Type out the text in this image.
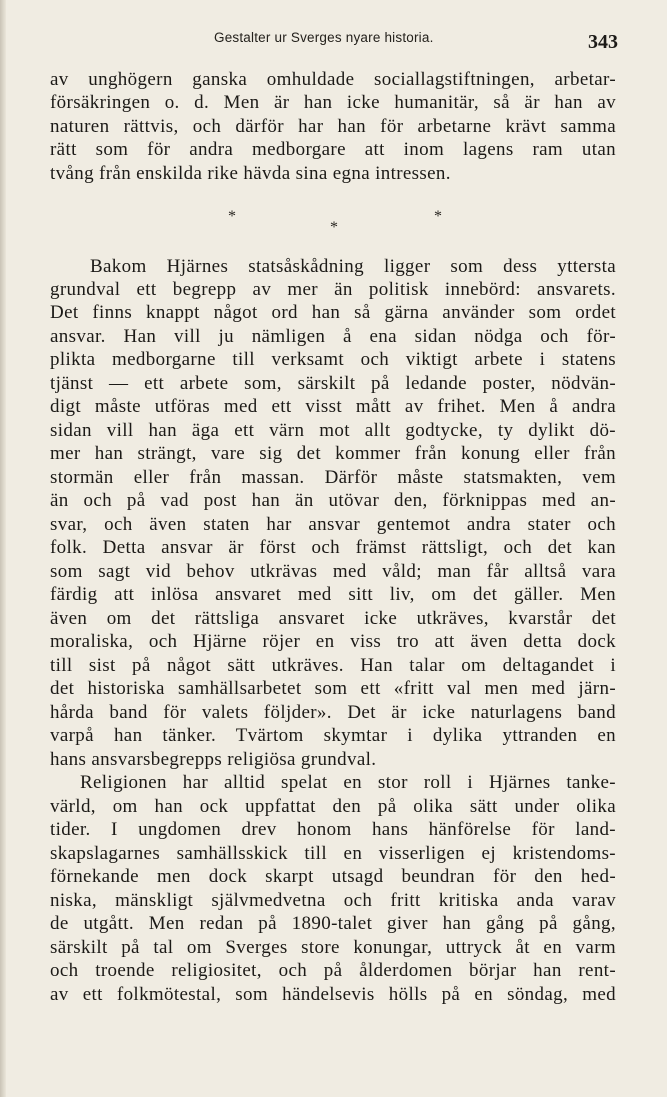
Gestalter ur Sverges nyare historia.	343

av unghögern ganska omhuldade sociallagstiftningen, arbetar-

försäkringen o. d. Men är han icke humanitär, så är han av

naturen rättvis, och därför har han för arbetarne krävt samma

rätt som för andra medborgare att inom lagens ram utan

tvång från enskilda rike hävda sina egna intressen.

*
*
*

Bakom Hjärnes statsåskådning ligger som dess yttersta

grundval ett begrepp av mer än politisk innebörd: ansvarets.

Det finns knappt något ord han så gärna använder som ordet

ansvar. Han vill ju nämligen å ena sidan nödga och för-

plikta medborgarne till verksamt och viktigt arbete i statens

tjänst — ett arbete som, särskilt på ledande poster, nödvän-

digt måste utföras med ett visst mått av frihet. Men å andra

sidan vill han äga ett värn mot allt godtycke, ty dylikt dö-

mer han strängt, vare sig det kommer från konung eller från

stormän eller från massan. Därför måste statsmakten, vem

än och på vad post han än utövar den, förknippas med an-

svar, och även staten har ansvar gentemot andra stater och

folk. Detta ansvar är först och främst rättsligt, och det kan

som sagt vid behov utkrävas med våld; man får alltså vara

färdig att inlösa ansvaret med sitt liv, om det gäller. Men

även om det rättsliga ansvaret icke utkräves, kvarstår det

moraliska, och Hjärne röjer en viss tro att även detta dock

till sist på något sätt utkräves. Han talar om deltagandet i

det historiska samhällsarbetet som ett «fritt val men med järn-

hårda band för valets följder». Det är icke naturlagens band

varpå han tänker. Tvärtom skymtar i dylika yttranden en

hans ansvarsbegrepps religiösa grundval.

Religionen har alltid spelat en stor roll i Hjärnes tanke-

värld, om han ock uppfattat den på olika sätt under olika

tider. I ungdomen drev honom hans hänförelse för land-

skapslagarnes samhällsskick till en visserligen ej kristendoms-

förnekande men dock skarpt utsagd beundran för den hed-

niska, mänskligt självmedvetna och fritt kritiska anda varav

de utgått. Men redan på 1890-talet giver han gång på gång,

särskilt på tal om Sverges store konungar, uttryck åt en varm

och troende religiositet, och på ålderdomen börjar han rent-

av ett folkmötestal, som händelsevis hölls på en söndag, med
